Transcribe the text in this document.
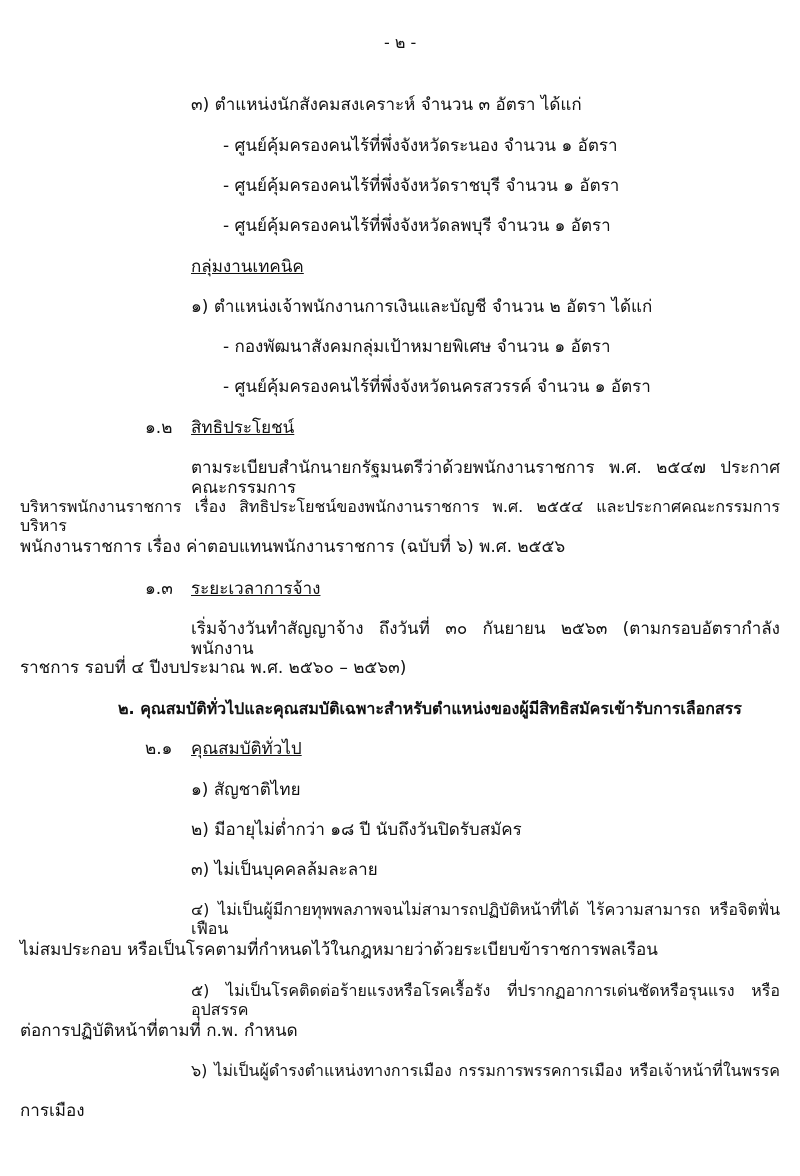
- ๒ -
๓) ตำแหน่งนักสังคมสงเคราะห์ จำนวน ๓ อัตรา ได้แก่
- ศูนย์คุ้มครองคนไร้ที่พึ่งจังหวัดระนอง จำนวน ๑ อัตรา
- ศูนย์คุ้มครองคนไร้ที่พึ่งจังหวัดราชบุรี จำนวน ๑ อัตรา
- ศูนย์คุ้มครองคนไร้ที่พึ่งจังหวัดลพบุรี จำนวน ๑ อัตรา
กลุ่มงานเทคนิค
๑) ตำแหน่งเจ้าพนักงานการเงินและบัญชี จำนวน ๒ อัตรา ได้แก่
- กองพัฒนาสังคมกลุ่มเป้าหมายพิเศษ จำนวน ๑ อัตรา
- ศูนย์คุ้มครองคนไร้ที่พึ่งจังหวัดนครสวรรค์ จำนวน ๑ อัตรา
๑.๒ สิทธิประโยชน์
ตามระเบียบสำนักนายกรัฐมนตรีว่าด้วยพนักงานราชการ พ.ศ. ๒๕๔๗ ประกาศคณะกรรมการ
บริหารพนักงานราชการ เรื่อง สิทธิประโยชน์ของพนักงานราชการ พ.ศ. ๒๕๕๔ และประกาศคณะกรรมการบริหาร
พนักงานราชการ เรื่อง ค่าตอบแทนพนักงานราชการ (ฉบับที่ ๖) พ.ศ. ๒๕๕๖
๑.๓ ระยะเวลาการจ้าง
เริ่มจ้างวันทำสัญญาจ้าง ถึงวันที่ ๓๐ กันยายน ๒๕๖๓ (ตามกรอบอัตรากำลังพนักงาน
ราชการ รอบที่ ๔ ปีงบประมาณ พ.ศ. ๒๕๖๐ – ๒๕๖๓)
๒. คุณสมบัติทั่วไปและคุณสมบัติเฉพาะสำหรับตำแหน่งของผู้มีสิทธิสมัครเข้ารับการเลือกสรร
๒.๑ คุณสมบัติทั่วไป
๑) สัญชาติไทย
๒) มีอายุไม่ต่ำกว่า ๑๘ ปี นับถึงวันปิดรับสมัคร
๓) ไม่เป็นบุคคลล้มละลาย
๔) ไม่เป็นผู้มีกายทุพพลภาพจนไม่สามารถปฏิบัติหน้าที่ได้ ไร้ความสามารถ หรือจิตฟั่นเฟือน
ไม่สมประกอบ หรือเป็นโรคตามที่กำหนดไว้ในกฎหมายว่าด้วยระเบียบข้าราชการพลเรือน
๕) ไม่เป็นโรคติดต่อร้ายแรงหรือโรคเรื้อรัง ที่ปรากฏอาการเด่นชัดหรือรุนแรง หรืออุปสรรค
ต่อการปฏิบัติหน้าที่ตามที่ ก.พ. กำหนด
๖) ไม่เป็นผู้ดำรงตำแหน่งทางการเมือง กรรมการพรรคการเมือง หรือเจ้าหน้าที่ในพรรค
การเมือง
